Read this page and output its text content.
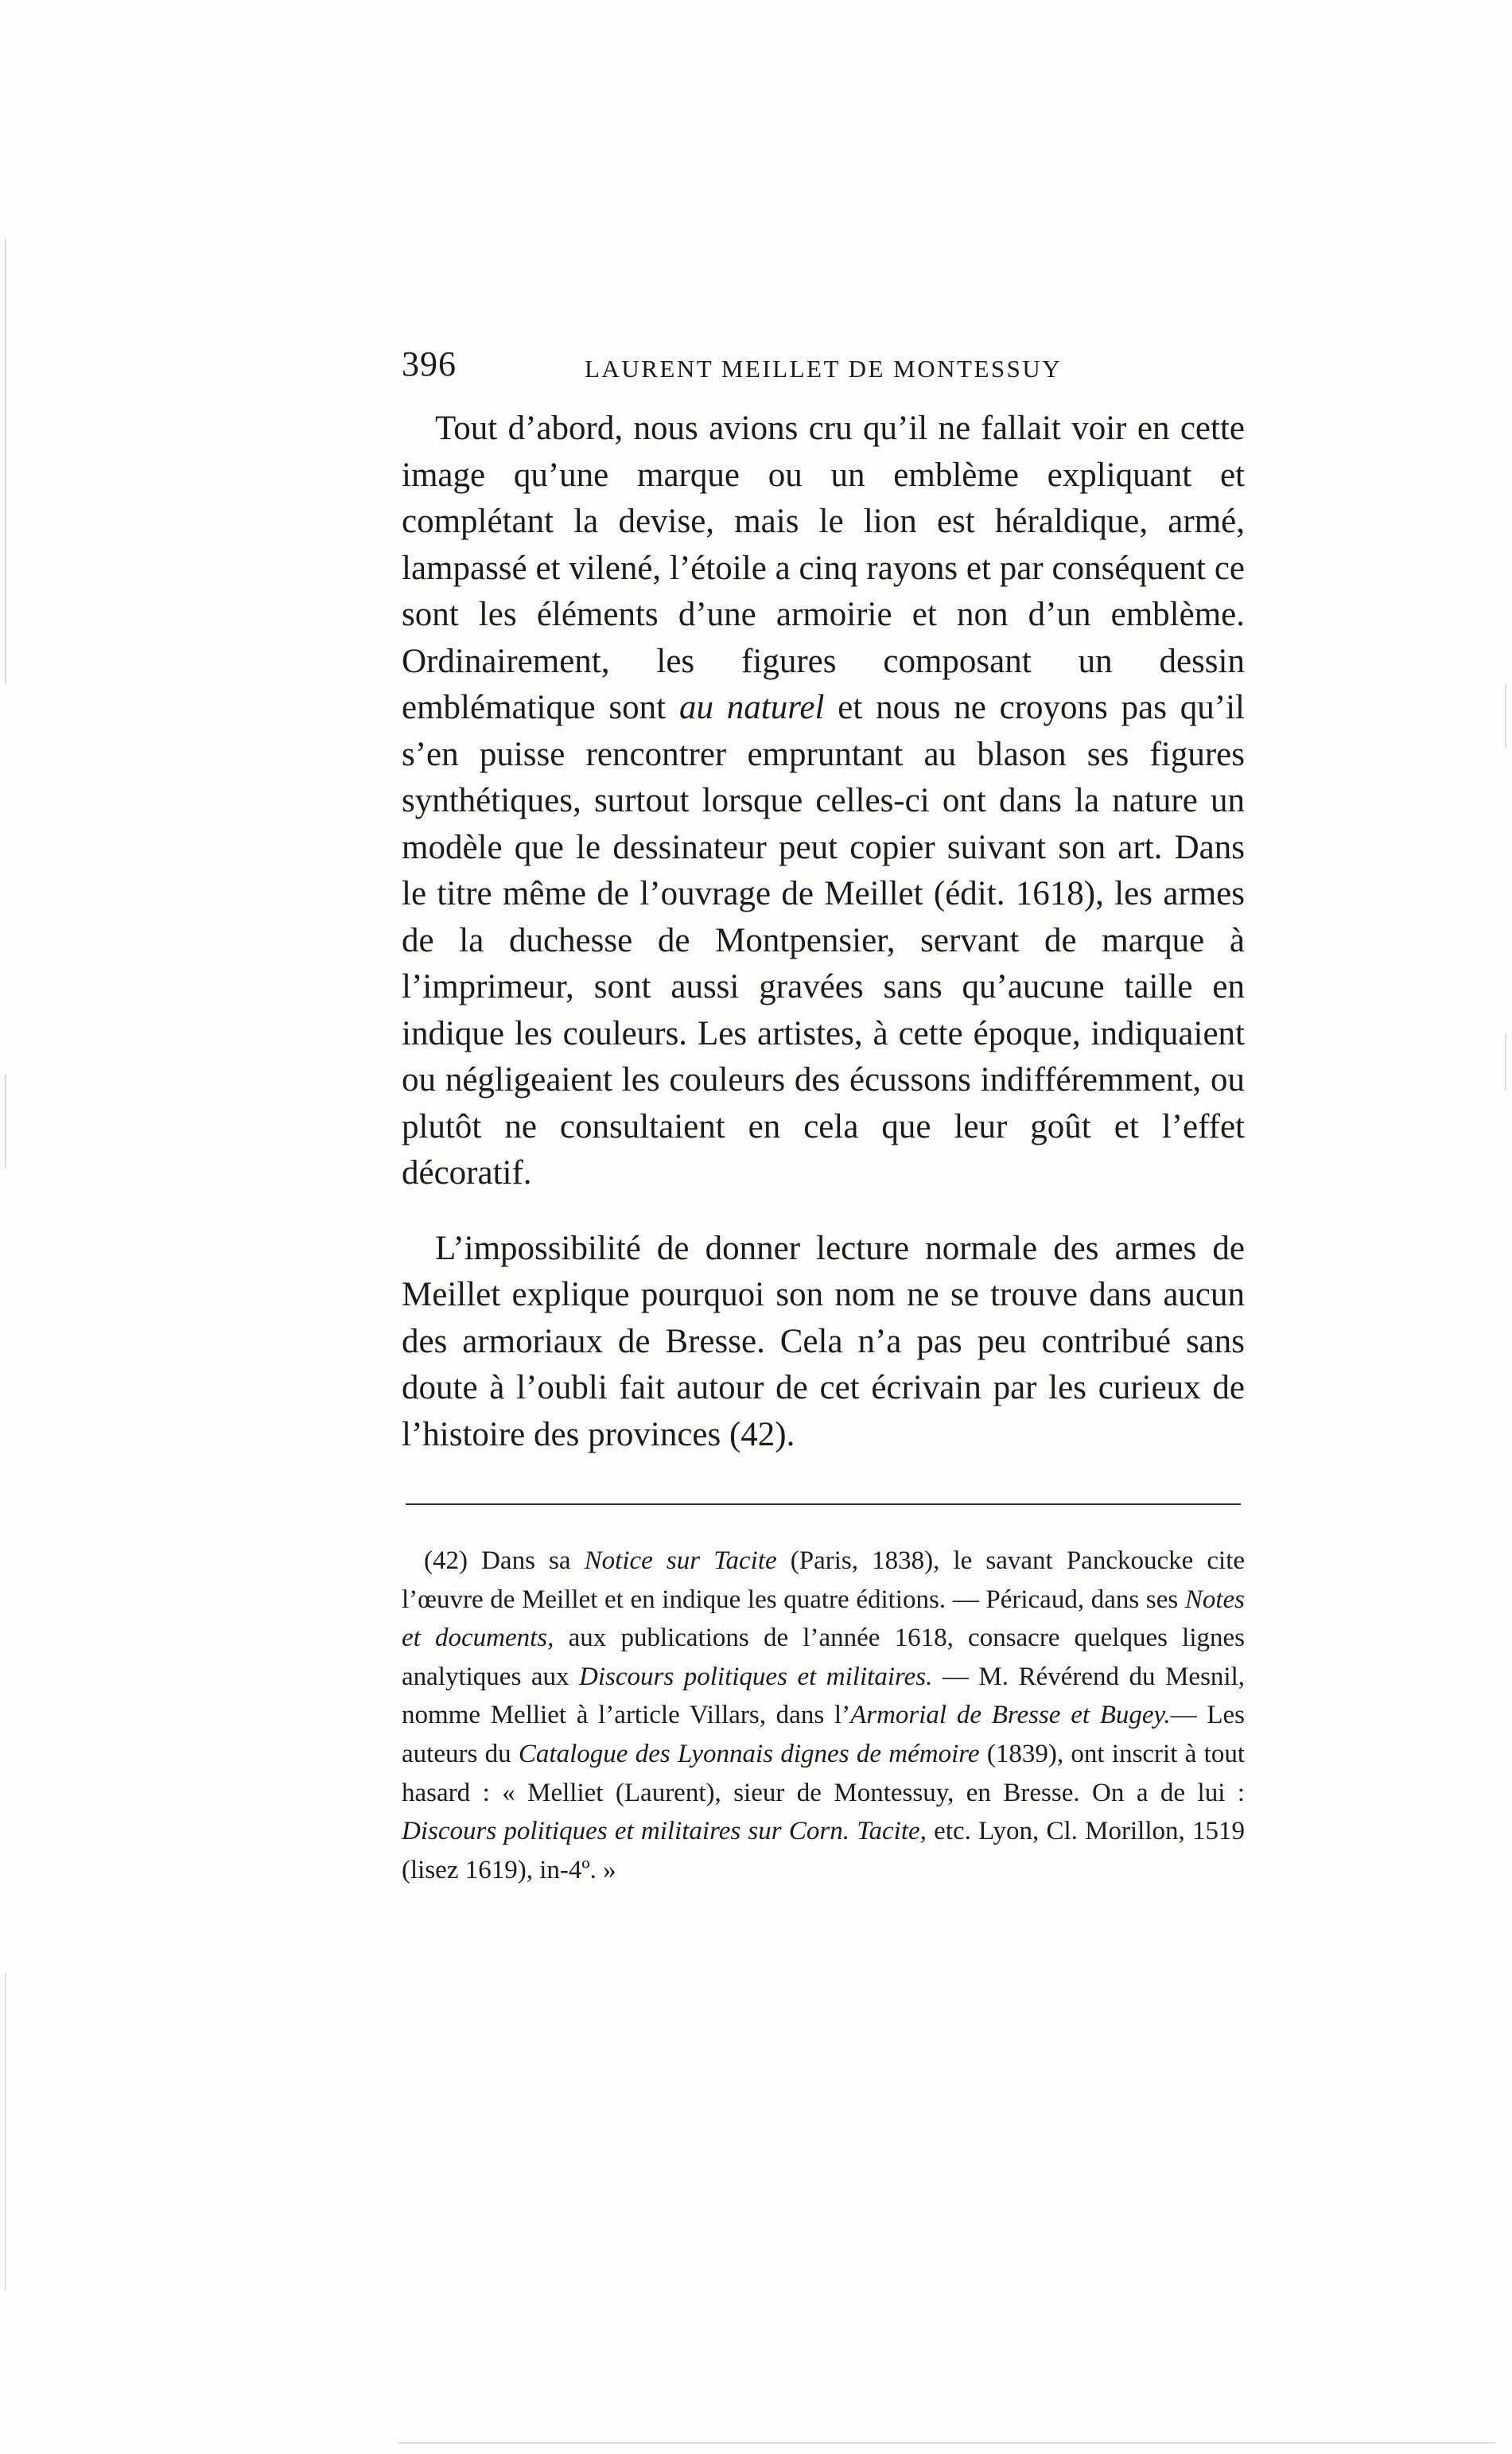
396	LAURENT MEILLET DE MONTESSUY

Tout d’abord, nous avions cru qu’il ne fallait voir en cette image qu’une marque ou un emblème expliquant et complétant la devise, mais le lion est héraldique, armé, lampassé et vilené, l’étoile a cinq rayons et par conséquent ce sont les éléments d’une armoirie et non d’un emblème. Ordinairement, les figures composant un dessin emblématique sont au naturel et nous ne croyons pas qu’il s’en puisse rencontrer empruntant au blason ses figures synthétiques, surtout lorsque celles-ci ont dans la nature un modèle que le dessinateur peut copier suivant son art. Dans le titre même de l’ouvrage de Meillet (édit. 1618), les armes de la duchesse de Montpensier, servant de marque à l’imprimeur, sont aussi gravées sans qu’aucune taille en indique les couleurs. Les artistes, à cette époque, indiquaient ou négligeaient les couleurs des écussons indifféremment, ou plutôt ne consultaient en cela que leur goût et l’effet décoratif.

L’impossibilité de donner lecture normale des armes de Meillet explique pourquoi son nom ne se trouve dans aucun des armoriaux de Bresse. Cela n’a pas peu contribué sans doute à l’oubli fait autour de cet écrivain par les curieux de l’histoire des provinces (42).

(42) Dans sa Notice sur Tacite (Paris, 1838), le savant Panckoucke cite l’œuvre de Meillet et en indique les quatre éditions. — Péricaud, dans ses Notes et documents, aux publications de l’année 1618, consacre quelques lignes analytiques aux Discours politiques et militaires. — M. Révérend du Mesnil, nomme Melliet à l’article Villars, dans l’Armorial de Bresse et Bugey.— Les auteurs du Catalogue des Lyonnais dignes de mémoire (1839), ont inscrit à tout hasard : « Melliet (Laurent), sieur de Montessuy, en Bresse. On a de lui : Discours politiques et militaires sur Corn. Tacite, etc. Lyon, Cl. Morillon, 1519 (lisez 1619), in-4º. »
